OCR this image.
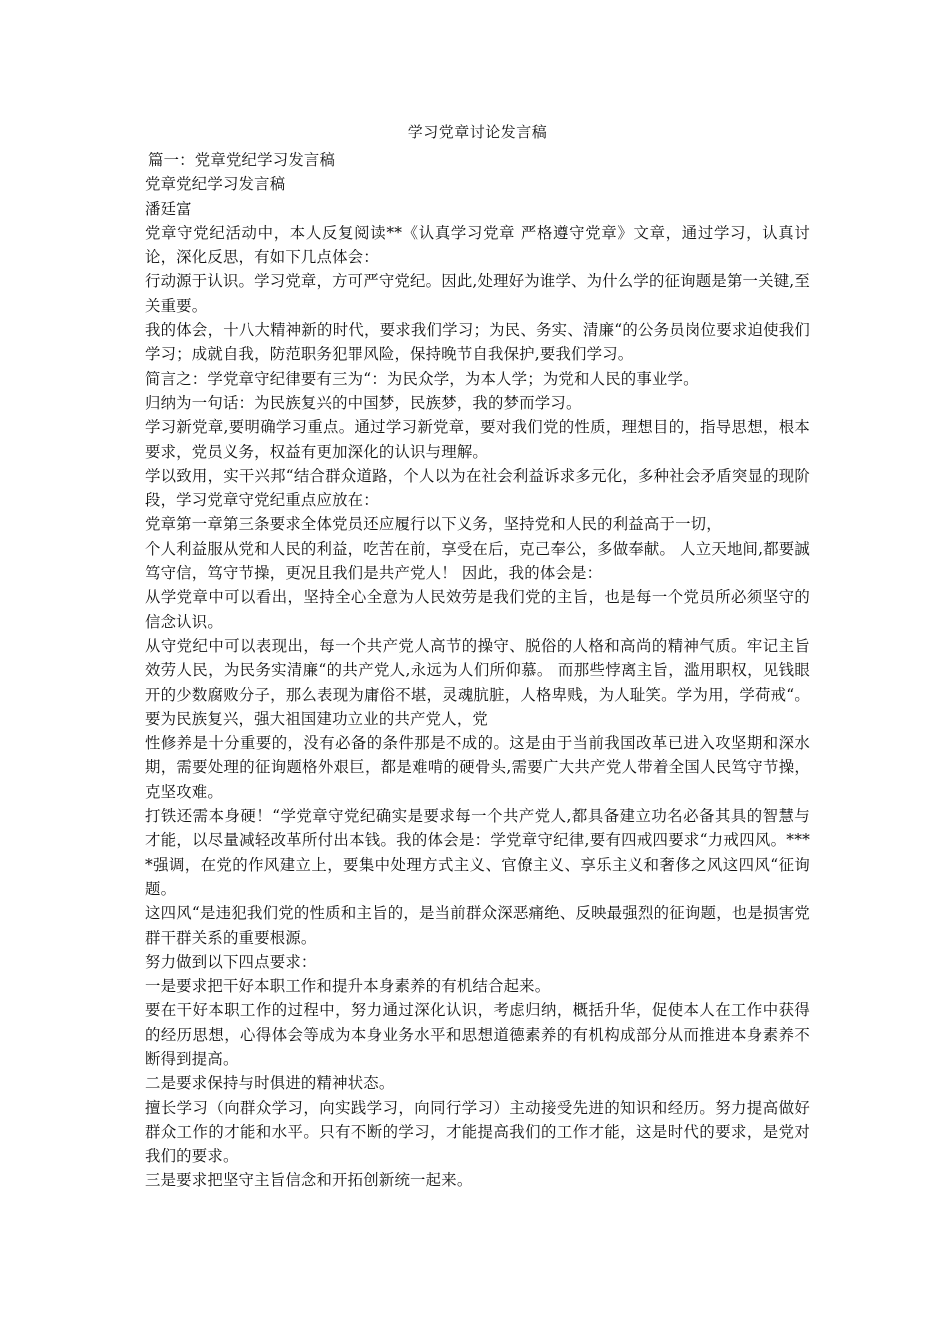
学习党章讨论发言稿

篇一：党章党纪学习发言稿

党章党纪学习发言稿

潘廷富

党章守党纪活动中，本人反复阅读**《认真学习党章 严格遵守党章》文章，通过学习，认真讨论，深化反思，有如下几点体会：

行动源于认识。学习党章，方可严守党纪。因此,处理好为谁学、为什么学的征询题是第一关键,至关重要。

我的体会，十八大精神新的时代，要求我们学习；为民、务实、清廉“的公务员岗位要求迫使我们学习；成就自我，防范职务犯罪风险，保持晚节自我保护,要我们学习。

简言之：学党章守纪律要有三为“：为民众学，为本人学；为党和人民的事业学。

归纳为一句话：为民族复兴的中国梦，民族梦，我的梦而学习。

学习新党章,要明确学习重点。通过学习新党章，要对我们党的性质，理想目的，指导思想，根本要求，党员义务，权益有更加深化的认识与理解。

学以致用，实干兴邦“结合群众道路，个人以为在社会利益诉求多元化，多种社会矛盾突显的现阶段，学习党章守党纪重点应放在：

党章第一章第三条要求全体党员还应履行以下义务，坚持党和人民的利益高于一切，

个人利益服从党和人民的利益，吃苦在前，享受在后，克己奉公，多做奉献。 人立天地间,都要誠笃守信，笃守节操，更况且我们是共产党人！ 因此，我的体会是：

从学党章中可以看出，坚持全心全意为人民效劳是我们党的主旨，也是每一个党员所必须坚守的信念认识。

从守党纪中可以表现出，每一个共产党人高节的操守、脱俗的人格和高尚的精神气质。牢记主旨效劳人民，为民务实清廉“的共产党人,永远为人们所仰慕。 而那些悖离主旨，滥用职权，见钱眼开的少数腐败分子，那么表现为庸俗不堪，灵魂肮脏，人格卑贱，为人耻笑。学为用，学荷戒“。要为民族复兴，强大祖国建功立业的共产党人，党

性修养是十分重要的，没有必备的条件那是不成的。这是由于当前我国改革已进入攻坚期和深水期，需要处理的征询题格外艰巨，都是难啃的硬骨头,需要广大共产党人带着全国人民笃守节操，克坚攻难。

打铁还需本身硬！“学党章守党纪确实是要求每一个共产党人,都具备建立功名必备其具的智慧与才能，以尽量减轻改革所付出本钱。我的体会是：学党章守纪律,要有四戒四要求“力戒四风。****强调，在党的作风建立上，要集中处理方式主义、官僚主义、享乐主义和奢侈之风这四风“征询题。

这四风“是违犯我们党的性质和主旨的，是当前群众深恶痛绝、反映最强烈的征询题，也是损害党群干群关系的重要根源。

努力做到以下四点要求：

一是要求把干好本职工作和提升本身素养的有机结合起来。

要在干好本职工作的过程中，努力通过深化认识，考虑归纳，概括升华，促使本人在工作中获得的经历思想，心得体会等成为本身业务水平和思想道德素养的有机构成部分从而推进本身素养不断得到提高。

二是要求保持与时俱进的精神状态。

擅长学习（向群众学习，向实践学习，向同行学习）主动接受先进的知识和经历。努力提高做好群众工作的才能和水平。只有不断的学习，才能提高我们的工作才能，这是时代的要求，是党对我们的要求。

三是要求把坚守主旨信念和开拓创新统一起来。
